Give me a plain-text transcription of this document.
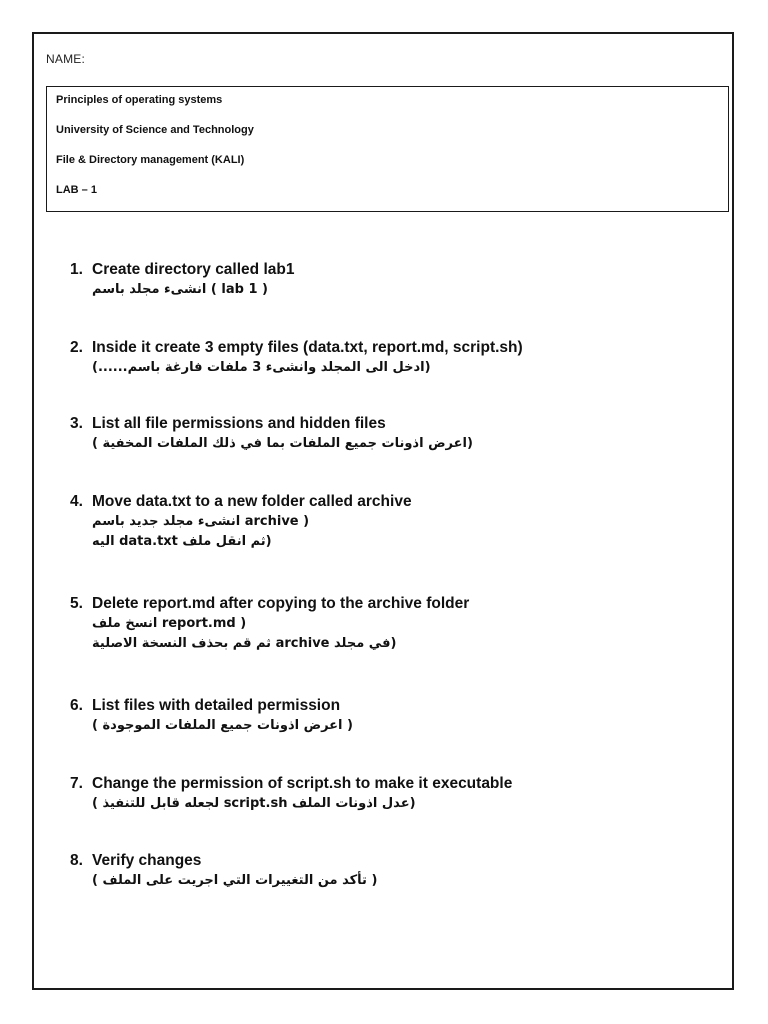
NAME:
Principles of operating systems
University of Science and Technology
File & Directory management (KALI)
LAB – 1
1. Create directory called lab1
( lab 1 ) انشىء مجلد باسم
2. Inside it create 3 empty files (data.txt, report.md, script.sh)
(ادخل الى المجلد وانشىء 3 ملفات فارغة باسم......)
3. List all file permissions and hidden files
(اعرض اذونات جميع الملفات بما في ذلك الملفات المخفية )
4. Move data.txt to a new folder called archive
( archive انشىء مجلد جديد باسم
(ثم انقل ملف data.txt اليه
5. Delete report.md after copying to the archive folder
( report.md انسخ ملف
(في مجلد archive ثم قم بحذف النسخة الاصلية
6. List files with detailed permission
( اعرض اذونات جميع الملفات الموجودة )
7. Change the permission of script.sh to make it executable
(عدل اذونات الملف script.sh لجعله قابل للتنفيذ )
8. Verify changes
( تأكد من التغييرات التي اجريت على الملف )
